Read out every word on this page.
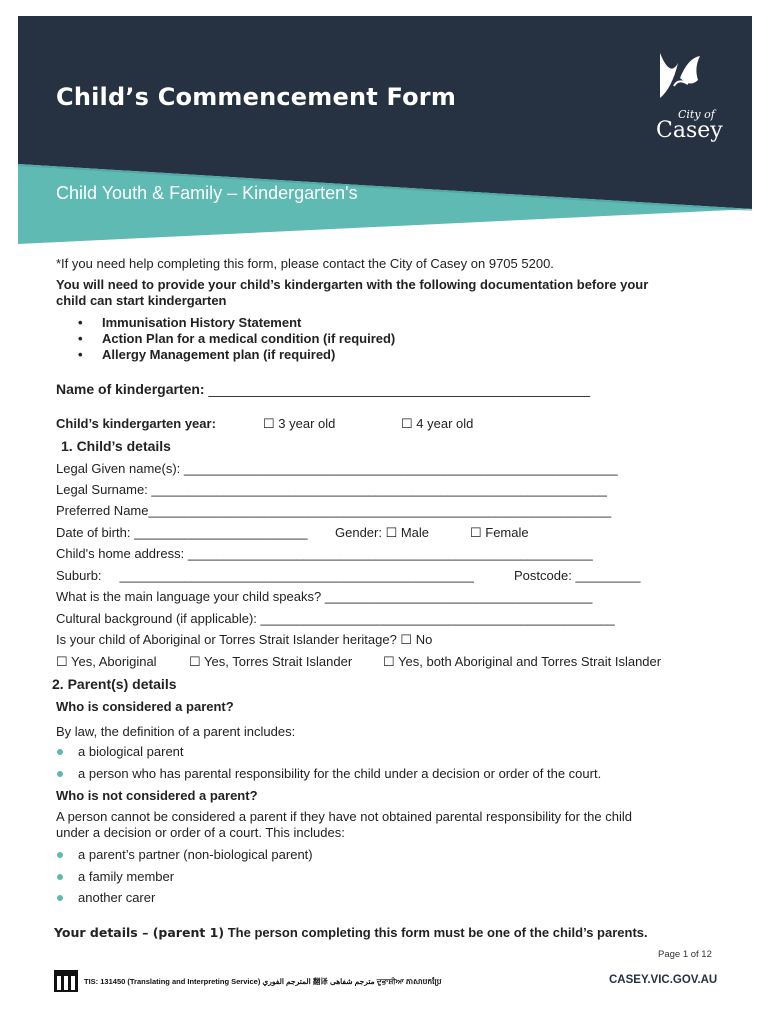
Child’s Commencement Form
Child Youth & Family – Kindergarten's
City of
Casey
*If you need help completing this form, please contact the City of Casey on 9705 5200.
You will need to provide your child’s kindergarten with the following documentation before your
child can start kindergarten
• Immunisation History Statement
• Action Plan for a medical condition (if required)
• Allergy Management plan (if required)
Name of kindergarten: _________________________________________________
Child’s kindergarten year:	☐ 3 year old	☐ 4 year old
1. Child’s details
Legal Given name(s): ____________________________________________________________
Legal Surname: _______________________________________________________________
Preferred Name________________________________________________________________
Date of birth: ________________________ Gender: ☐ Male	☐ Female
Child's home address: ________________________________________________________
Suburb: _________________________________________________	Postcode: _________
What is the main language your child speaks? _____________________________________
Cultural background (if applicable): _________________________________________________
Is your child of Aboriginal or Torres Strait Islander heritage? ☐ No
☐ Yes, Aboriginal ☐ Yes, Torres Strait Islander ☐ Yes, both Aboriginal and Torres Strait Islander
2. Parent(s) details
Who is considered a parent?
By law, the definition of a parent includes:
a biological parent
a person who has parental responsibility for the child under a decision or order of the court.
Who is not considered a parent?
A person cannot be considered a parent if they have not obtained parental responsibility for the child
under a decision or order of a court. This includes:
a parent’s partner (non-biological parent)
a family member
another carer
Your details – (parent 1) The person completing this form must be one of the child’s parents.
Page 1 of 12
TIS: 131450 (Translating and Interpreting Service) المترجم الفوري 翻译 مترجم شفاهی ਦੁਭਾਸ਼ੀਆ ភាសាបកប្រែ	CASEY.VIC.GOV.AU
